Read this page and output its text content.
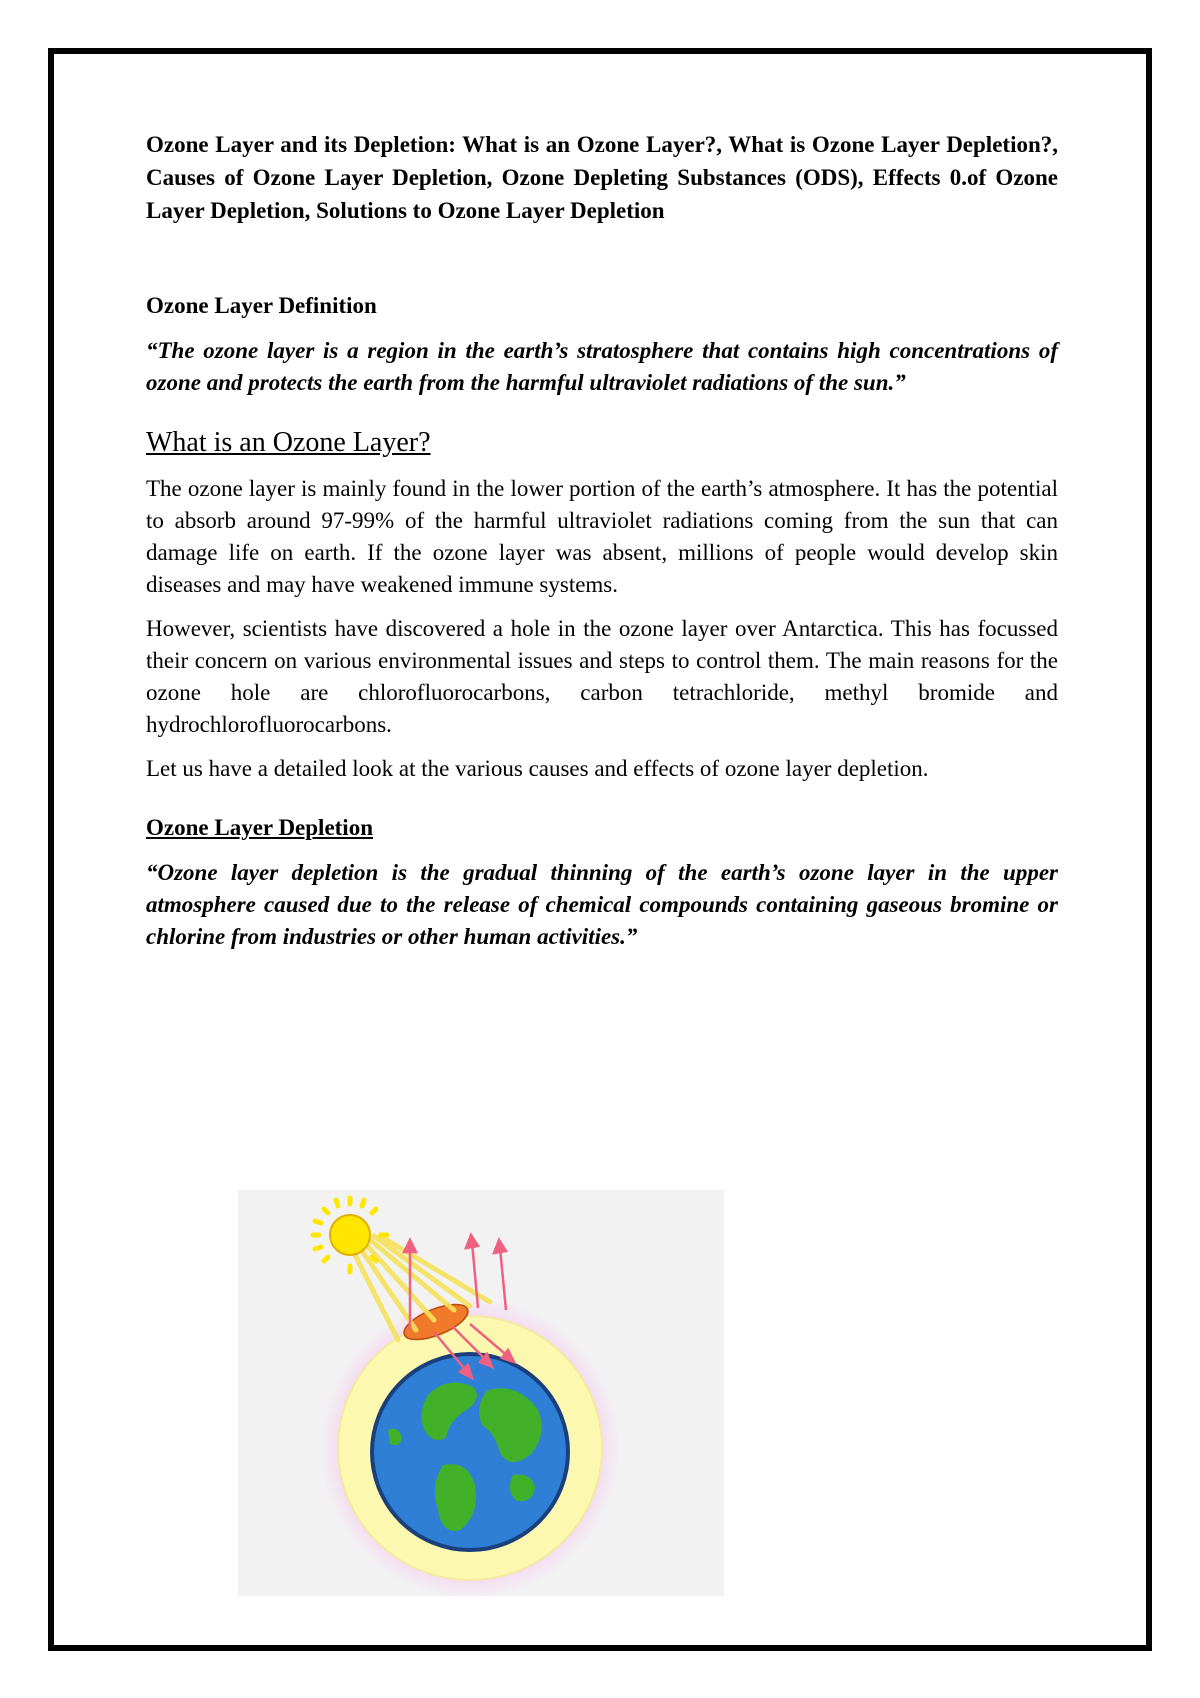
Ozone Layer and its Depletion: What is an Ozone Layer?, What is Ozone Layer Depletion?, Causes of Ozone Layer Depletion, Ozone Depleting Substances (ODS), Effects 0.of Ozone Layer Depletion, Solutions to Ozone Layer Depletion

Ozone Layer Definition

“The ozone layer is a region in the earth’s stratosphere that contains high concentrations of ozone and protects the earth from the harmful ultraviolet radiations of the sun.”

What is an Ozone Layer?

The ozone layer is mainly found in the lower portion of the earth’s atmosphere. It has the potential to absorb around 97-99% of the harmful ultraviolet radiations coming from the sun that can damage life on earth. If the ozone layer was absent, millions of people would develop skin diseases and may have weakened immune systems.

However, scientists have discovered a hole in the ozone layer over Antarctica. This has focussed their concern on various environmental issues and steps to control them. The main reasons for the ozone hole are chlorofluorocarbons, carbon tetrachloride, methyl bromide and hydrochlorofluorocarbons.

Let us have a detailed look at the various causes and effects of ozone layer depletion.

Ozone Layer Depletion

“Ozone layer depletion is the gradual thinning of the earth’s ozone layer in the upper atmosphere caused due to the release of chemical compounds containing gaseous bromine or chlorine from industries or other human activities.”
